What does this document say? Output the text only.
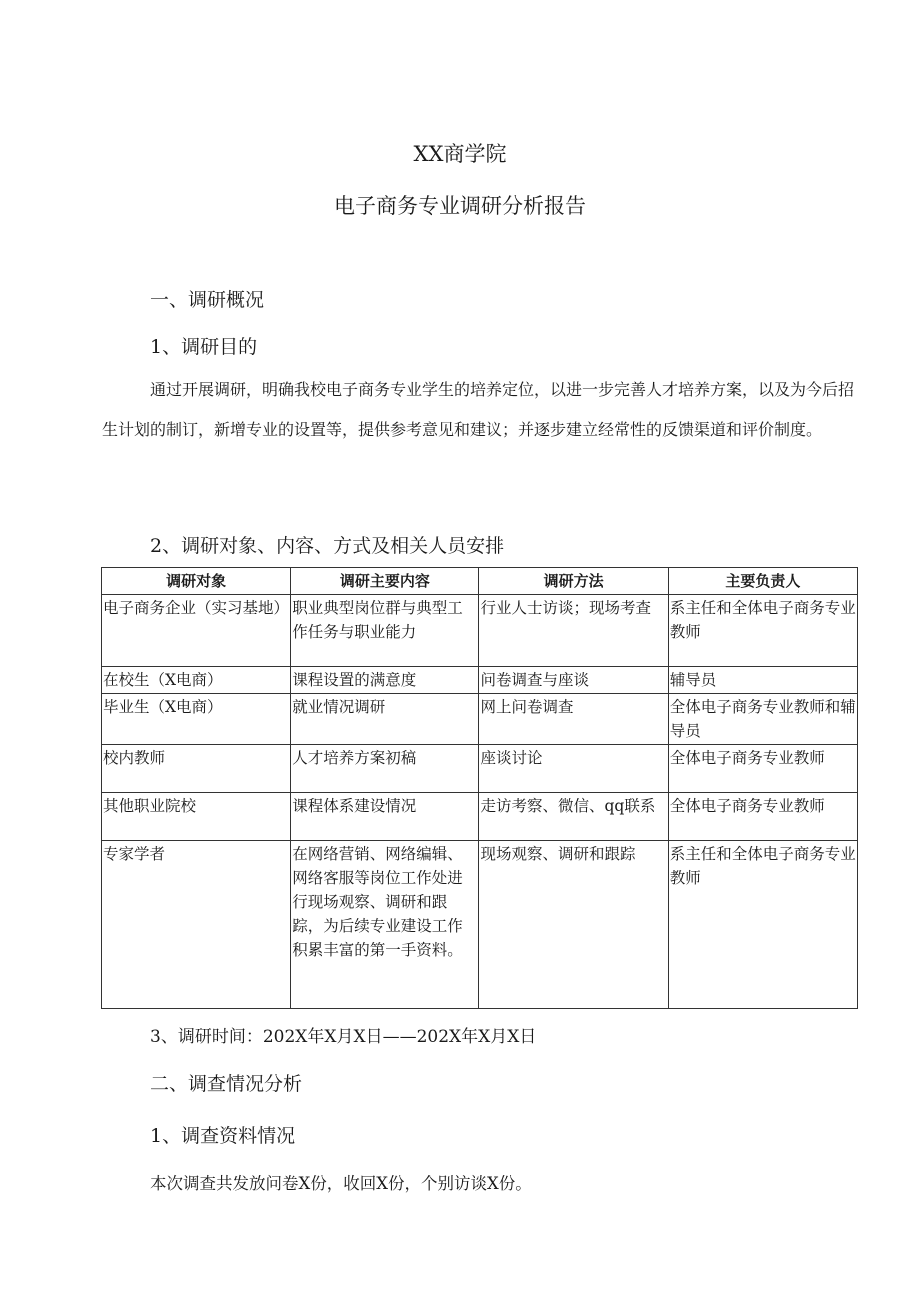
XX商学院
电子商务专业调研分析报告
一、调研概况
1、调研目的
通过开展调研，明确我校电子商务专业学生的培养定位，以进一步完善人才培养方案，以及为今后招生计划的制订，新增专业的设置等，提供参考意见和建议；并逐步建立经常性的反馈渠道和评价制度。
2、调研对象、内容、方式及相关人员安排
调研对象	调研主要内容	调研方法	主要负责人
电子商务企业（实习基地）	职业典型岗位群与典型工作任务与职业能力	行业人士访谈；现场考查	系主任和全体电子商务专业教师
在校生（X电商）	课程设置的满意度	问卷调查与座谈	辅导员
毕业生（X电商）	就业情况调研	网上问卷调查	全体电子商务专业教师和辅导员
校内教师	人才培养方案初稿	座谈讨论	全体电子商务专业教师
其他职业院校	课程体系建设情况	走访考察、微信、qq联系	全体电子商务专业教师
专家学者	在网络营销、网络编辑、网络客服等岗位工作处进行现场观察、调研和跟踪，为后续专业建设工作积累丰富的第一手资料。	现场观察、调研和跟踪	系主任和全体电子商务专业教师
3、调研时间：202X年X月X日——202X年X月X日
二、调查情况分析
1、调查资料情况
本次调查共发放问卷X份，收回X份，个别访谈X份。
